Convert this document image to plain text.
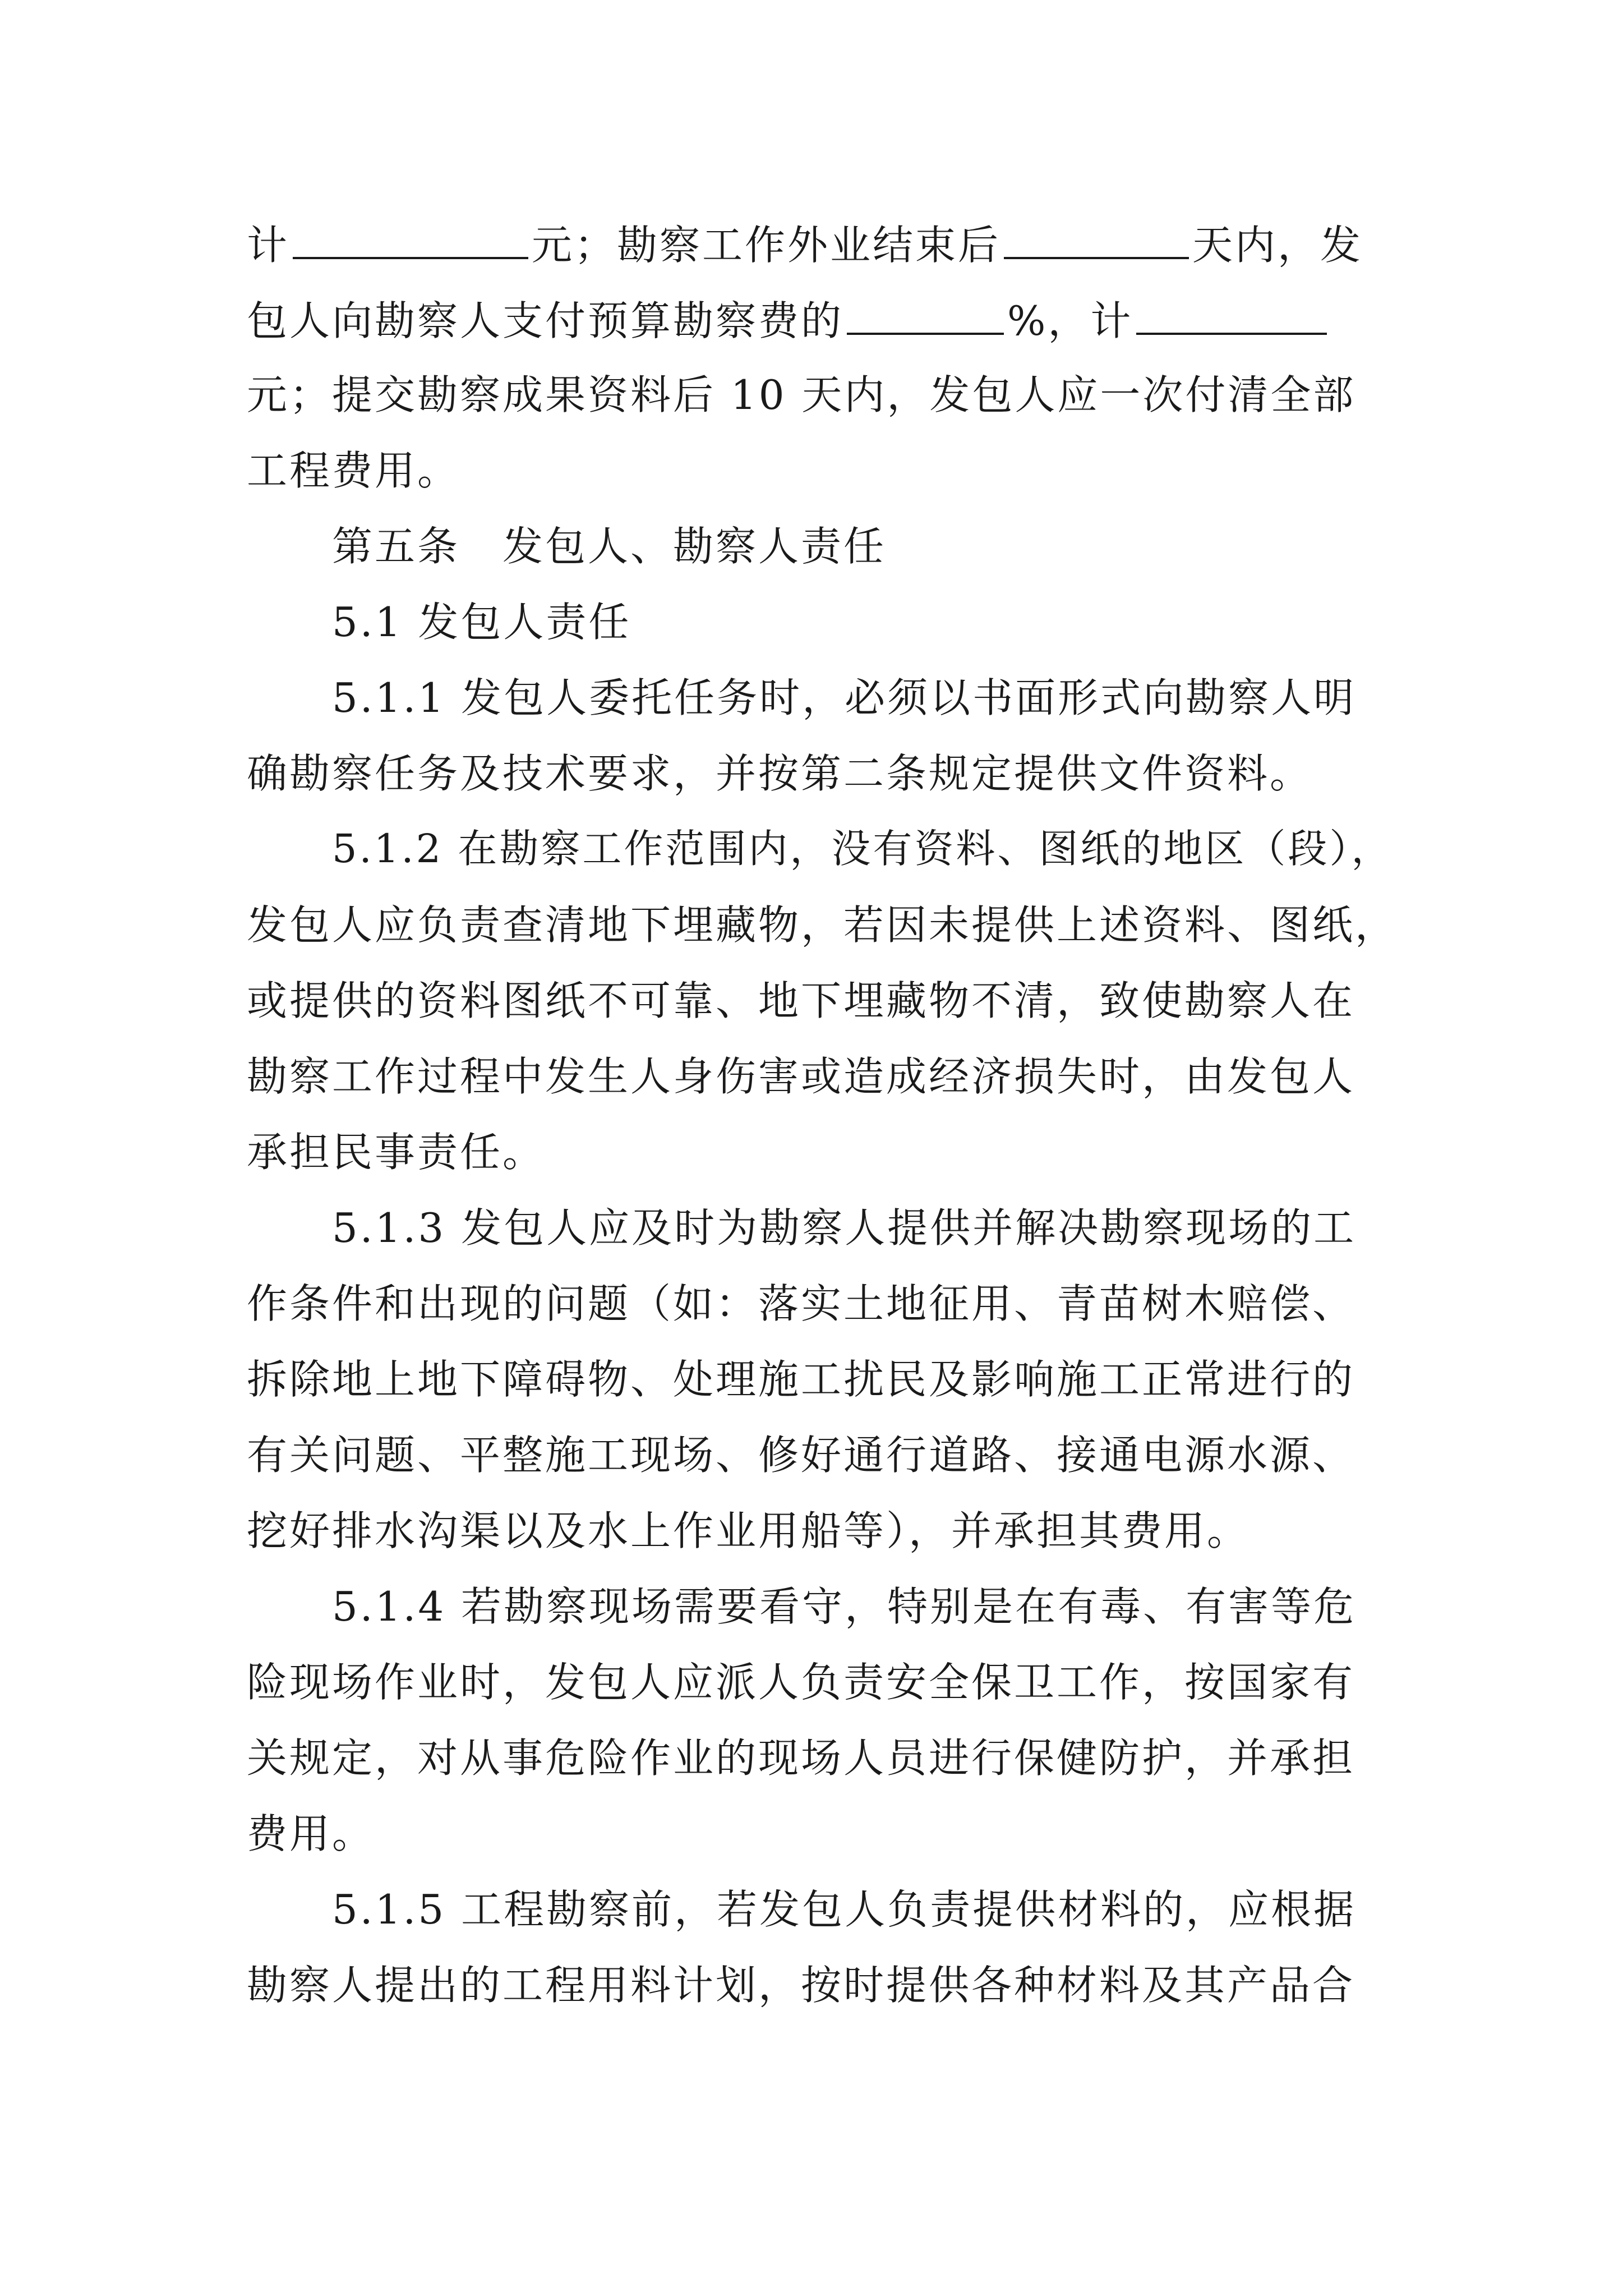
计	元；勘察工作外业结束后	天内，发
包人向勘察人支付预算勘察费的	%，计
元；提交勘察成果资料后 10 天内，发包人应一次付清全部
工程费用。
第五条　发包人、勘察人责任
5.1 发包人责任
5.1.1 发包人委托任务时，必须以书面形式向勘察人明
确勘察任务及技术要求，并按第二条规定提供文件资料。
5.1.2 在勘察工作范围内，没有资料、图纸的地区（段），
发包人应负责查清地下埋藏物，若因未提供上述资料、图纸，
或提供的资料图纸不可靠、地下埋藏物不清，致使勘察人在
勘察工作过程中发生人身伤害或造成经济损失时，由发包人
承担民事责任。
5.1.3 发包人应及时为勘察人提供并解决勘察现场的工
作条件和出现的问题（如：落实土地征用、青苗树木赔偿、
拆除地上地下障碍物、处理施工扰民及影响施工正常进行的
有关问题、平整施工现场、修好通行道路、接通电源水源、
挖好排水沟渠以及水上作业用船等），并承担其费用。
5.1.4 若勘察现场需要看守，特别是在有毒、有害等危
险现场作业时，发包人应派人负责安全保卫工作，按国家有
关规定，对从事危险作业的现场人员进行保健防护，并承担
费用。
5.1.5 工程勘察前，若发包人负责提供材料的，应根据
勘察人提出的工程用料计划，按时提供各种材料及其产品合
